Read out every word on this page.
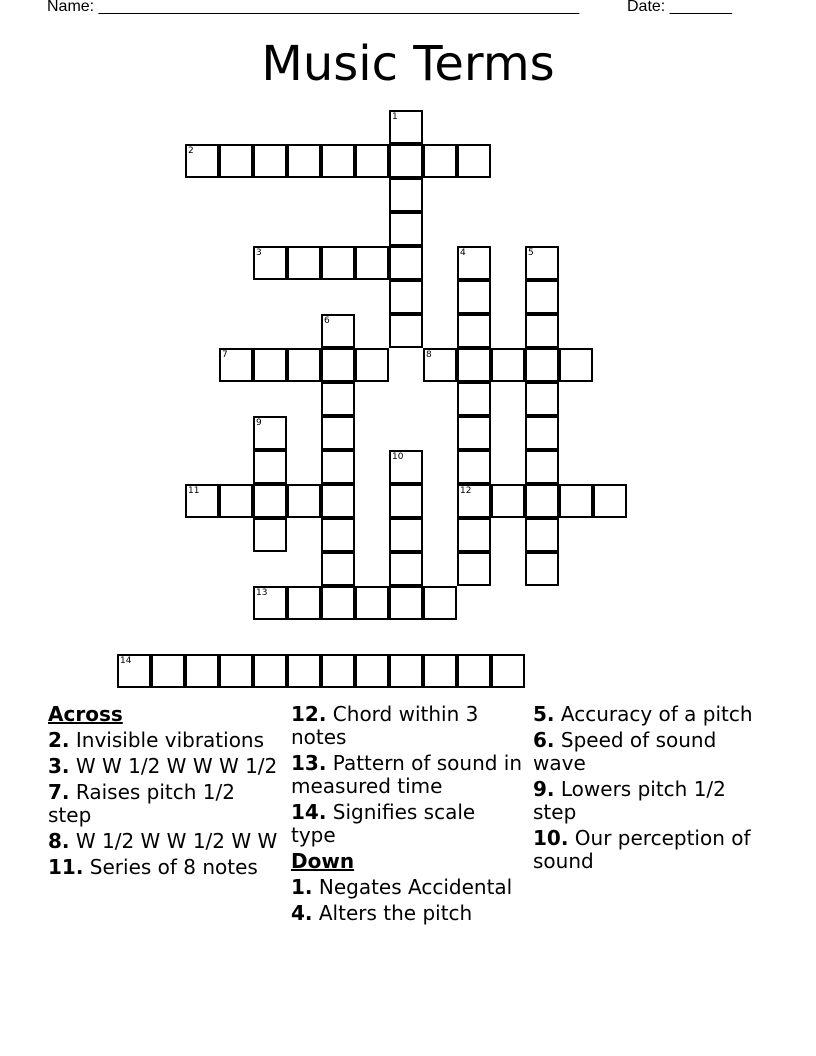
Name: ______________________________________________________	Date: _______
Music Terms
2
3
7	8
11	12
13
14
1
4	5
6
9
10
Across
2. Invisible vibrations
3. W W 1/2 W W W 1/2
7. Raises pitch 1/2 step
8. W 1/2 W W 1/2 W W
11. Series of 8 notes
12. Chord within 3 notes
13. Pattern of sound in measured time
14. Signifies scale type
Down
1. Negates Accidental
4. Alters the pitch
5. Accuracy of a pitch
6. Speed of sound wave
9. Lowers pitch 1/2 step
10. Our perception of sound
